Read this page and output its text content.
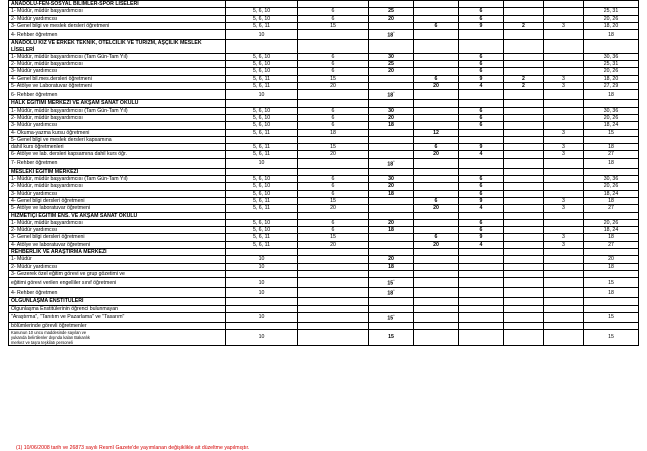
ANADOLU-FEN-SOSYAL BİLİMLER-SPOR LİSELERİ								
1- Müdür, müdür başyardımcısı	5, 6, 10	6	25		6			25, 31
2- Müdür yardımcısı	5, 6, 10	6	20		6			20, 26
3- Genel bilgi ve meslek dersleri öğretmeni	5, 6, 11	15		6	9	2	3	18, 20
4- Rehber öğretmen	10		18*					18
ANADOLU KIZ VE ERKEK TEKNİK, OTELCİLİK VE TURİZM, AŞÇILIK MESLEK LİSELERİ								
1- Müdür, müdür başyardımcısı (Tam Gün-Tam Yıl)	5, 6, 10	6	30		6			30, 36
2- Müdür, müdür başyardımcısı	5, 6, 10	6	25		6			25, 31
3- Müdür yardımcısı	5, 6, 10	6	20		6			20, 26
4- Genel bil.mes.dersleri öğretmeni	5, 6, 11	15		6	9	2	3	18, 20
5- Atölye ve Laboratuvar öğretmeni	5, 6, 11	20		20	4	2	3	27, 29
6- Rehber öğretmen	10		18*					18
HALK EĞİTİMİ MERKEZİ VE AKŞAM SANAT OKULU								
1- Müdür, müdür başyardımcısı (Tam Gün-Tam Yıl)	5, 6, 10	6	30		6			30, 36
2- Müdür, müdür başyardımcısı	5, 6, 10	6	20		6			20, 26
3- Müdür yardımcısı	5, 6, 10	6	18		6			18, 24
4- Okuma-yazma kursu öğretmeni	5, 6, 11	18		12			3	15
5- Genel bilgi ve meslek dersleri kapsamına								
dahil kurs öğretmenleri	5, 6, 11	15		6	9		3	18
6- Atölye ve lab. dersleri kapsamına dahil kurs öğr.	5, 6, 11	20		20	4		3	27
7- Rehber öğretmen	10		18*					18
MESLEKİ EĞİTİM MERKEZİ								
1- Müdür, müdür başyardımcısı (Tam Gün-Tam Yıl)	5, 6, 10	6	30		6			30, 36
2- Müdür, müdür başyardımcısı	5, 6, 10	6	20		6			20, 26
3- Müdür yardımcısı	5, 6, 10	6	18		6			18, 24
4- Genel bilgi dersleri öğretmeni	5, 6, 11	15		6	9		3	18
5- Atölye ve laboratuvar öğretmeni	5, 6, 11	20		20	4		3	27
HİZMETİÇİ EĞİTİM ENS. VE AKŞAM SANAT OKULU								
1- Müdür, müdür başyardımcısı	5, 6, 10	6	20		6			20, 26
2- Müdür yardımcısı	5, 6, 10	6	18		6			18, 24
3- Genel bilgi dersleri öğretmeni	5, 6, 11	15		6	9		3	18
4- Atölye ve laboratuvar öğretmeni	5, 6, 11	20		20	4		3	27
REHBERLİK VE ARAŞTIRMA MERKEZİ								
1- Müdür	10		20					20
2- Müdür yardımcısı	10		18					18
3- Gezerek özel eğitim görevi ve grup gözetimi ve								
eğitimi görevi verilen engelliler sınıf öğretmeni	10		15*					15
4- Rehber öğretmen	10		18*					18
OLGUNLAŞMA ENSTİTÜLERİ								
Olgunlaşma Enstitülerinin öğrenci bulunmayan								
"Araştırma", "Tanıtım ve Pazarlama" ve "Tasarım"	10		15*					15
bölümlerinde görevli öğretmenler								

Kanunun 10 uncu maddesinde sayılan ve
yukarıda belirtilenler dışında kalan Bakanlık
merkez ve taşra teşkilatı personeli	10		15					15
(1) 10/06/2008 tarih ve 26873 sayılı Resmî Gazete'de yayımlanan değişiklikle ait düzeltme yapılmıştır.
